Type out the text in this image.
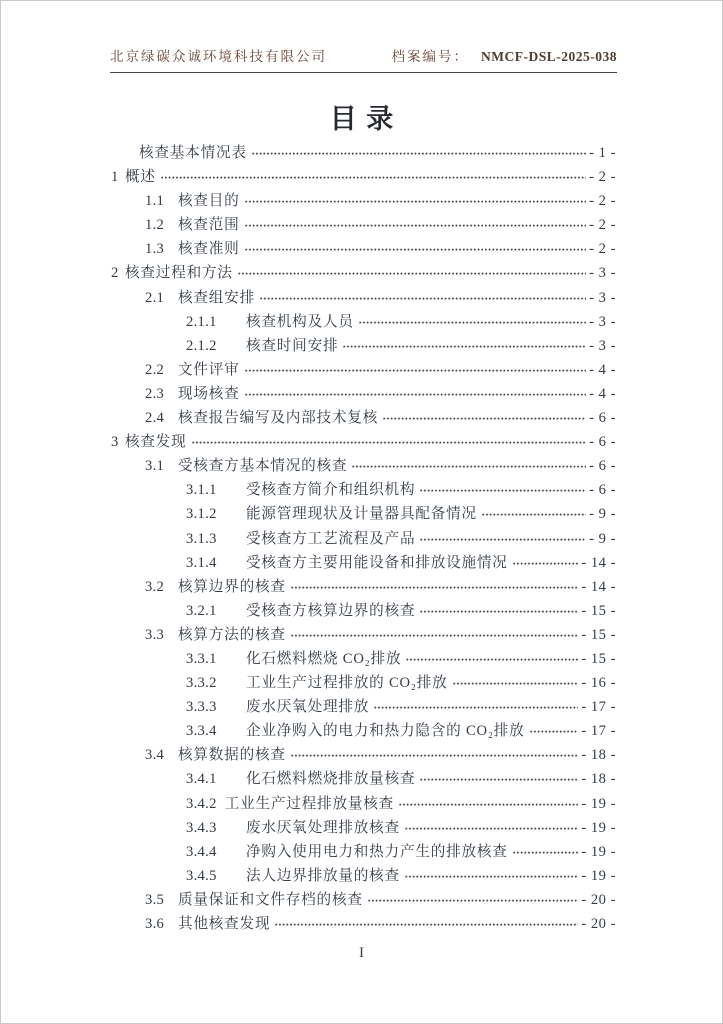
北京绿碳众诚环境科技有限公司	档案编号： NMCF-DSL-2025-038
目录
核查基本情况表	- 1 -
1 概述	- 2 -
1.1 核查目的	- 2 -
1.2 核查范围	- 2 -
1.3 核查准则	- 2 -
2 核查过程和方法	- 3 -
2.1 核查组安排	- 3 -
2.1.1	核查机构及人员	- 3 -
2.1.2	核查时间安排	- 3 -
2.2 文件评审	- 4 -
2.3 现场核查	- 4 -
2.4 核查报告编写及内部技术复核	- 6 -
3 核查发现	- 6 -
3.1 受核查方基本情况的核查	- 6 -
3.1.1	受核查方简介和组织机构	- 6 -
3.1.2	能源管理现状及计量器具配备情况	- 9 -
3.1.3	受核查方工艺流程及产品	- 9 -
3.1.4	受核查方主要用能设备和排放设施情况	- 14 -
3.2 核算边界的核查	- 14 -
3.2.1	受核查方核算边界的核查	- 15 -
3.3 核算方法的核查	- 15 -
3.3.1	化石燃料燃烧 CO₂排放	- 15 -
3.3.2	工业生产过程排放的 CO₂排放	- 16 -
3.3.3	废水厌氧处理排放	- 17 -
3.3.4	企业净购入的电力和热力隐含的 CO₂排放	- 17 -
3.4 核算数据的核查	- 18 -
3.4.1	化石燃料燃烧排放量核查	- 18 -
3.4.2 工业生产过程排放量核查	- 19 -
3.4.3	废水厌氧处理排放核查	- 19 -
3.4.4	净购入使用电力和热力产生的排放核查	- 19 -
3.4.5	法人边界排放量的核查	- 19 -
3.5 质量保证和文件存档的核查	- 20 -
3.6 其他核查发现	- 20 -
I
